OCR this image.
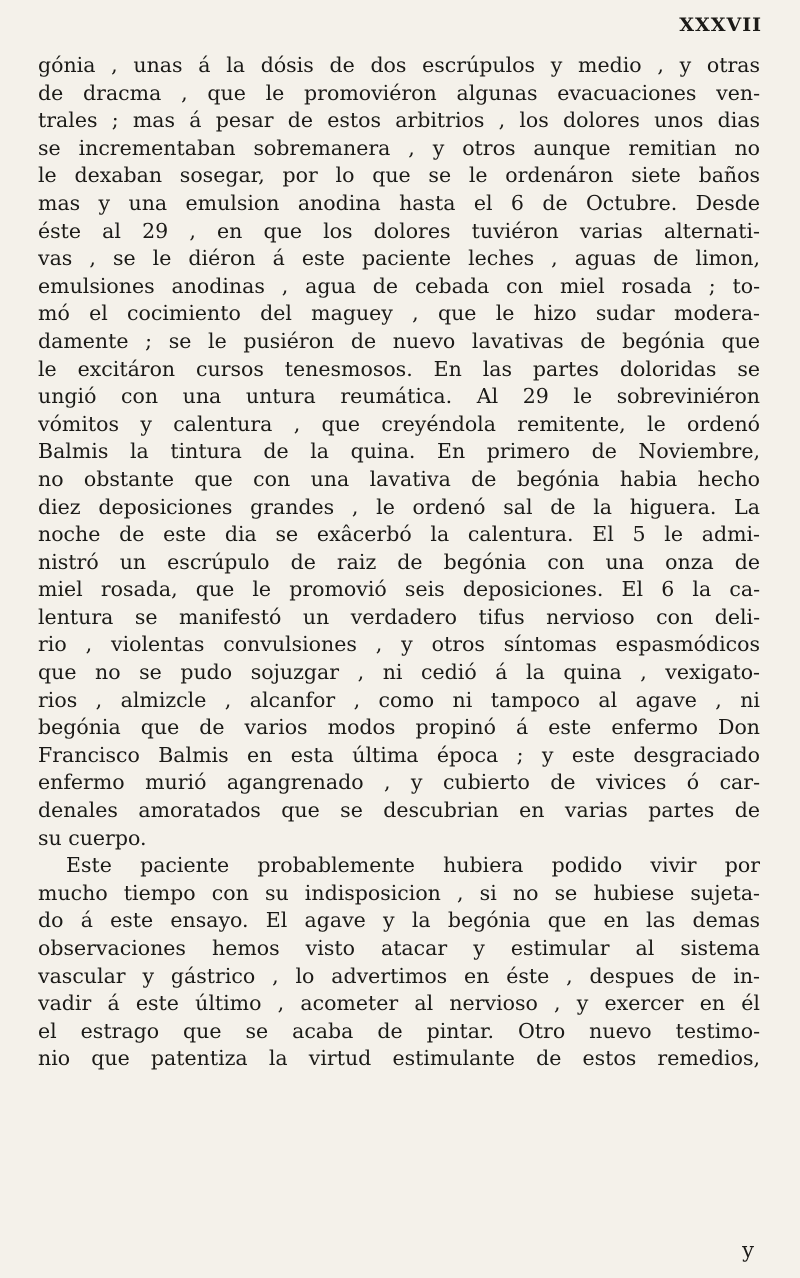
XXXVII
gónia , unas á la dósis de dos escrúpulos y medio , y otras
de dracma , que le promoviéron algunas evacuaciones ven-
trales ; mas á pesar de estos arbitrios , los dolores unos dias
se incrementaban sobremanera , y otros aunque remitian no
le dexaban sosegar, por lo que se le ordenáron siete baños
mas y una emulsion anodina hasta el 6 de Octubre. Desde
éste al 29 , en que los dolores tuviéron varias alternati-
vas , se le diéron á este paciente leches , aguas de limon,
emulsiones anodinas , agua de cebada con miel rosada ; to-
mó el cocimiento del maguey , que le hizo sudar modera-
damente ; se le pusiéron de nuevo lavativas de begónia que
le excitáron cursos tenesmosos. En las partes doloridas se
ungió con una untura reumática. Al 29 le sobreviniéron
vómitos y calentura , que creyéndola remitente, le ordenó
Balmis la tintura de la quina. En primero de Noviembre,
no obstante que con una lavativa de begónia habia hecho
diez deposiciones grandes , le ordenó sal de la higuera. La
noche de este dia se exâcerbó la calentura. El 5 le admi-
nistró un escrúpulo de raiz de begónia con una onza de
miel rosada, que le promovió seis deposiciones. El 6 la ca-
lentura se manifestó un verdadero tifus nervioso con deli-
rio , violentas convulsiones , y otros síntomas espasmódicos
que no se pudo sojuzgar , ni cedió á la quina , vexigato-
rios , almizcle , alcanfor , como ni tampoco al agave , ni
begónia que de varios modos propinó á este enfermo Don
Francisco Balmis en esta última época ; y este desgraciado
enfermo murió agangrenado , y cubierto de vivices ó car-
denales amoratados que se descubrian en varias partes de
su cuerpo.
Este paciente probablemente hubiera podido vivir por
mucho tiempo con su indisposicion , si no se hubiese sujeta-
do á este ensayo. El agave y la begónia que en las demas
observaciones hemos visto atacar y estimular al sistema
vascular y gástrico , lo advertimos en éste , despues de in-
vadir á este último , acometer al nervioso , y exercer en él
el estrago que se acaba de pintar. Otro nuevo testimo-
nio que patentiza la virtud estimulante de estos remedios,
y
